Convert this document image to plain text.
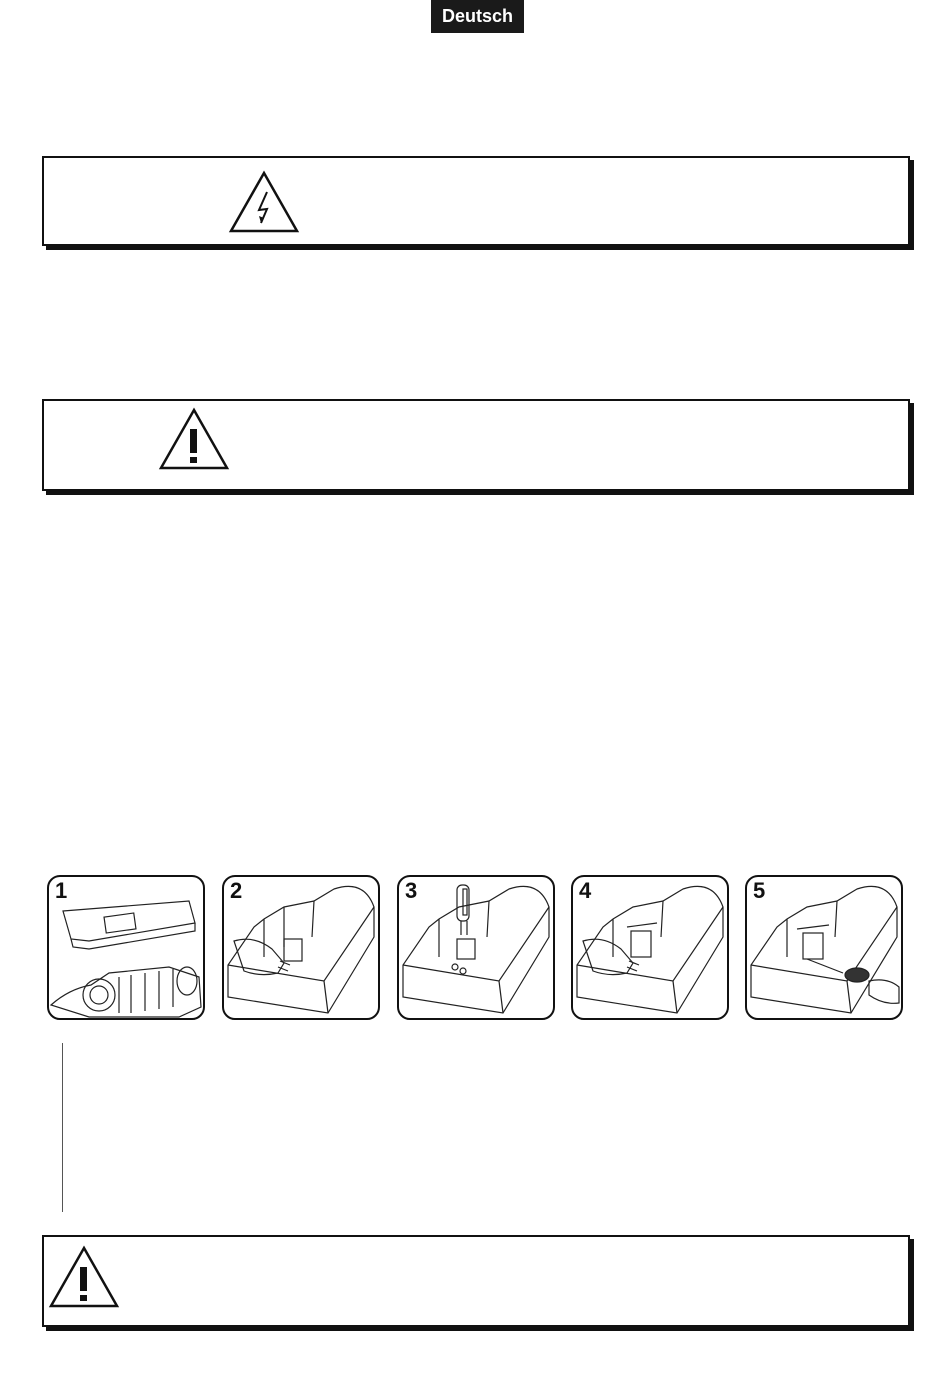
Deutsch
1	2	3	4	5
